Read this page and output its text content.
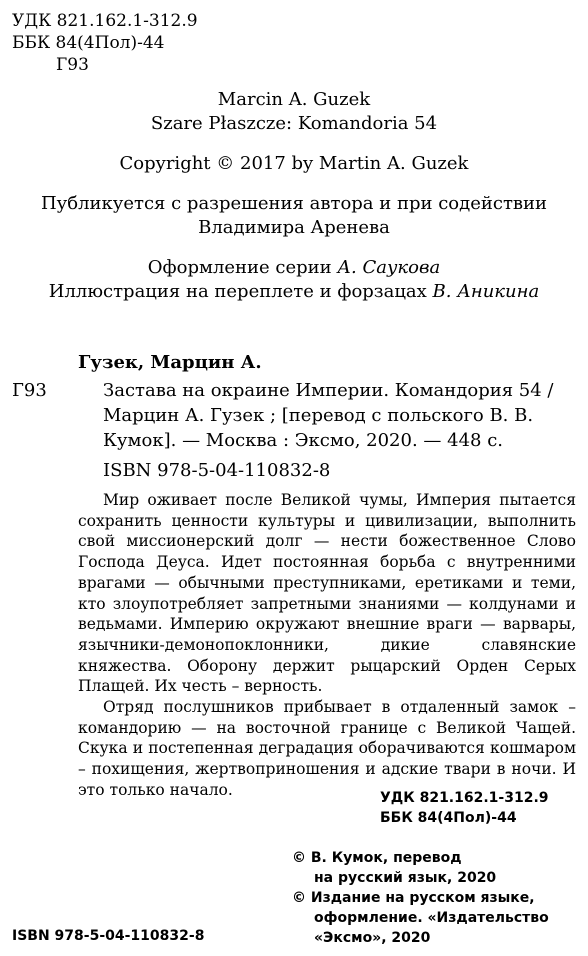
УДК 821.162.1-312.9
ББК 84(4Пол)-44
Г93
Marcin A. Guzek
Szare Płaszcze: Komandoria 54
Copyright © 2017 by Martin A. Guzek
Публикуется с разрешения автора и при содействии
Владимира Аренева
Оформление серии А. Саукова
Иллюстрация на переплете и форзацах В. Аникина
Гузек, Марцин А.
Г93	Застава на окраине Империи. Командория 54 / Марцин А. Гузек ; [перевод с польского В. В. Кумок]. — Москва : Эксмо, 2020. — 448 с.
ISBN 978-5-04-110832-8

Мир оживает после Великой чумы, Империя пытается сохранить ценности культуры и цивилизации, выполнить свой миссионерский долг — нести божественное Слово Господа Деуса. Идет постоянная борьба с внутренними врагами — обычными преступниками, еретиками и теми, кто злоупотребляет запретными знаниями — колдунами и ведьмами. Империю окружают внешние враги — варвары, язычники-демонопоклонники, дикие славянские княжества. Оборону держит рыцарский Орден Серых Плащей. Их честь – верность.

Отряд послушников прибывает в отдаленный замок – командорию — на восточной границе с Великой Чащей. Скука и постепенная деградация оборачиваются кошмаром – похищения, жертвоприношения и адские твари в ночи. И это только начало.	УДК 821.162.1-312.9
ББК 84(4Пол)-44
© В. Кумок, перевод
на русский язык, 2020
© Издание на русском языке,
оформление. «Издательство
«Эксмо», 2020
ISBN 978-5-04-110832-8
